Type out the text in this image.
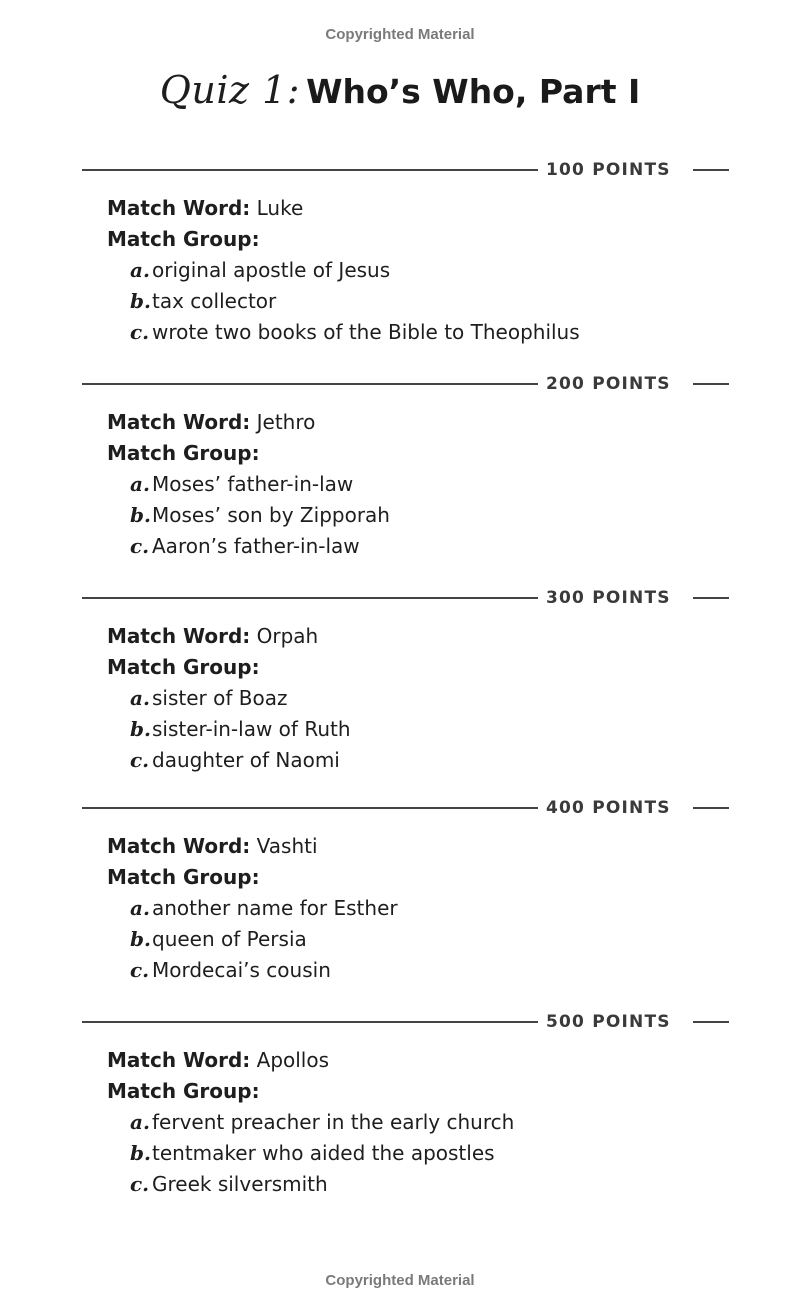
Copyrighted Material
Quiz 1: Who’s Who, Part I
100 POINTS
Match Word: Luke
Match Group:
a. original apostle of Jesus
b.tax collector
c. wrote two books of the Bible to Theophilus
200 POINTS
Match Word: Jethro
Match Group:
a. Moses’ father-in-law
b.Moses’ son by Zipporah
c. Aaron’s father-in-law
300 POINTS
Match Word: Orpah
Match Group:
a. sister of Boaz
b.sister-in-law of Ruth
c. daughter of Naomi
400 POINTS
Match Word: Vashti
Match Group:
a. another name for Esther
b.queen of Persia
c. Mordecai’s cousin
500 POINTS
Match Word: Apollos
Match Group:
a. fervent preacher in the early church
b.tentmaker who aided the apostles
c. Greek silversmith
Copyrighted Material
